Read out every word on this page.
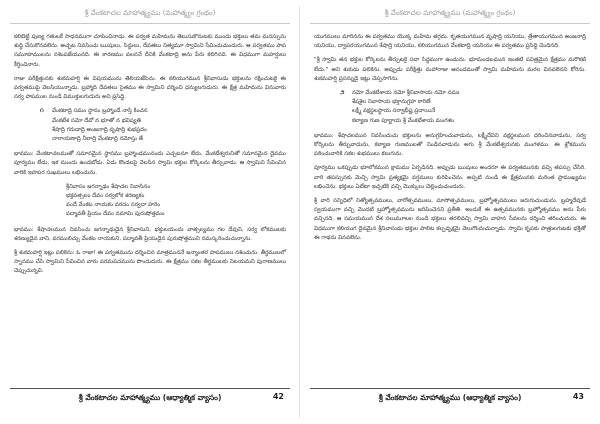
శ్రీ వేంకటాచల మాహాత్మ్యము (మహాత్మ్యం గ్రంథం)

కలిబెట్టి పుణ్య గతులకే సాధనముగా చూపించినాడు. ఈ పర్వత మహిమను తెలుసుకొనుటకు ముందు భక్తులు తమ మనస్సును శుద్ధి చేసుకొనవలెను. అచ్చట నివసించు ఋషులు, సిద్ధులు, దేవతలు నిత్యమూ స్వామిని సేవించుచుందురు. ఆ పర్వతము పాప సమూహములను నశింపజేయునది. ఈ కారణము వలననే దీనికి వేంకటాద్రి అను పేరు కలిగినది. ఈ విధముగా మహర్షులు కీర్తించినారు.

రాజు పరీక్షిత్తునకు శుకమహర్షి ఈ విషయమును తెలియజేసెను. ఈ కలియుగమున శ్రీనివాసుడు భక్తులను రక్షించుటకై ఈ పర్వతముపై వెలసియున్నాడు. బ్రహ్మాది దేవతలు సైతము ఈ స్వామిని దర్శించి ధన్యులగుదురు. ఈ క్షేత్ర మహిమను వినువారు సర్వ పాపముల నుండి విముక్తులగుదురు అని ప్రసిద్ధి.

౧ వేంకటాద్రి సమం స్థానం బ్రహ్మాండే నాస్తి కించన
వేంకటేశ సమో దేవో న భూతో న భవిష్యతి
శేషాద్రి గరుడాద్రి అంజనాద్రి వృషాద్రి శుభప్రదం
నారాయణాద్రి నీలాద్రి వేంకటాద్రి నమోస్తు తే

భావము: వేంకటాచలముతో సమానమైన స్థానము బ్రహ్మాండమునందు ఎచ్చటనూ లేదు. వేంకటేశ్వరునితో సమానమైన దైవము పూర్వము లేడు, ఇక ముందు ఉండబోడు. ఏడు కొండలపై వెలసిన స్వామి భక్తుల కోర్కెలను తీర్చువాడు. ఆ స్వామిని సేవించిన వారికి ఇహపర సుఖములు లభించును.

శ్రీనివాసం జగన్నాథం శేషాచల నివాసినం
భక్తవత్సలం దేవం సర్వలోక శరణ్యకం
వందే వేంకట నాయకం వరదం సర్వదా హరిం
పద్మావతీ ప్రియం దేవం నమామి పురుషోత్తమం

భావము: శేషాచలమున నివసించు జగన్నాథుడైన శ్రీనివాసుని, భక్తులయందు వాత్సల్యము గల దేవుని, సర్వ లోకములకు శరణ్యుడైన వాని, వరములిచ్చు వేంకట నాయకుని, పద్మావతీ ప్రియుడైన పురుషోత్తముని నమస్కరించుచున్నాను.

శ్రీ శుకమహర్షి ఇట్లు పలికెను: ఓ రాజా! ఈ పర్వతమును దర్శించిన మాత్రముననే జన్మాంతర పాపములు నశించును. తీర్థములలో స్నానము చేసి స్వామిని సేవించిన వారు పరమపదమును పొందుదురు. ఈ క్షేత్రము సకల తీర్థములకు నిలయమని పురాణములు చెప్పుచున్నవి.

శ్రీ వేంకటాచల మాహాత్మ్యము (ఆధ్యాత్మిక వ్యాసం)	42
శ్రీ వేంకటాచల మాహాత్మ్యము (మహాత్మ్యం గ్రంథం)

యుగములు మారినను ఈ పర్వతము యొక్క మహిమ తగ్గదు. కృతయుగమున వృషాద్రి యనియు, త్రేతాయుగమున అంజనాద్రి యనియు, ద్వాపరయుగమున శేషాద్రి యనియు, కలియుగమున వేంకటాద్రి యనియు ఈ పర్వతము ప్రసిద్ధి చెందినది.

"శ్రీ స్వామి తన భక్తుల కోర్కెలను తీర్చుటకై సదా సిద్ధముగా ఉండును. భూమండలమున ఇంతటి పవిత్రమైన క్షేత్రము మరొకటి లేదు." అని శుకుడు పలికెను. అప్పుడు పరీక్షిత్తు మహారాజు ఆనందముతో స్వామి మహిమను మరల వినవలెనని కోరెను. శుకమహర్షి ప్రసన్నుడై ఇట్లు చెప్పసాగెను.

౨ నమో వేంకటేశాయ నమో శ్రీనివాసాయ నమో నమః
శేషశైల నివాసాయ భక్తానుగ్రహ కారిణే
లక్ష్మీ వక్షస్థలస్థాయ సర్వాభీష్ట ప్రదాయినే
కల్యాణ గుణ పూర్ణాయ శ్రీ వేంకటేశాయ మంగళం

భావము: శేషాచలమున నివసించుచు భక్తులను అనుగ్రహించువాడును, లక్ష్మీదేవిని వక్షస్థలమున ధరించినవాడును, సర్వ కోర్కెలను తీర్చువాడును, కల్యాణ గుణములతో నిండినవాడును అగు శ్రీ వేంకటేశ్వరునకు మంగళము. ఈ శ్లోకమును పఠించువారికి సకల శుభములు కలుగును.

పూర్వము ఒకప్పుడు భూలోకమున క్షామము ఏర్పడినది. అప్పుడు ఋషులు అందరూ ఈ పర్వతమునకు వచ్చి తపస్సు చేసిరి. వారి తపస్సునకు మెచ్చి స్వామి ప్రత్యక్షమై వర్షములు కురిపించెను. అప్పటి నుండి ఈ క్షేత్రమునకు మరింత ప్రాముఖ్యము లభించెను. భక్తులు ఏటేటా ఇచ్చటికి వచ్చి మొక్కులు చెల్లించుచుందురు.

శ్రీ వారి సన్నిధిలో నిత్యోత్సవములు, వారోత్సవములు, మాసోత్సవములు, బ్రహ్మోత్సవములు జరుగుచుండును. బ్రహ్మదేవుడే స్వయముగా వచ్చి మొదటి బ్రహ్మోత్సవమును జరిపించెనని ప్రతీతి. అందుకే ఈ ఉత్సవమునకు బ్రహ్మోత్సవము అను పేరు వచ్చినది. ఆ సమయమున దేశ నలుమూలల నుండి భక్తులు తరలివచ్చి స్వామి వాహన సేవలను దర్శించి తరించుదురు. ఈ విధముగా కలియుగ దైవమైన శ్రీనివాసుడు భక్తుల పాలిట కల్పవృక్షమై వెలుగొందుచున్నాడు. స్వామి కృపకు పాత్రులగుటకు భక్తితో ఈ గాథను వినవలెను.

శ్రీ వేంకటాచల మాహాత్మ్యము (ఆధ్యాత్మిక వ్యాసం)	43
